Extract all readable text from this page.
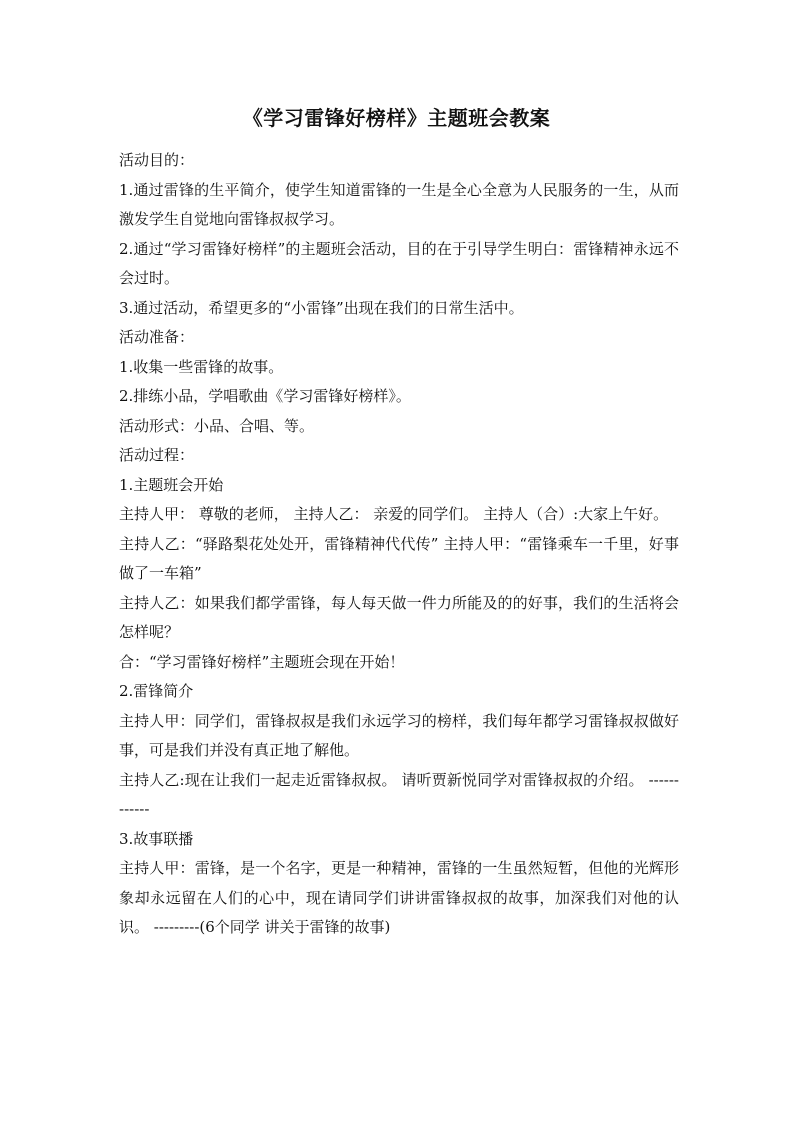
《学习雷锋好榜样》主题班会教案

活动目的：

1.通过雷锋的生平简介，使学生知道雷锋的一生是全心全意为人民服务的一生，从而激发学生自觉地向雷锋叔叔学习。

2.通过“学习雷锋好榜样”的主题班会活动，目的在于引导学生明白：雷锋精神永远不会过时。

3.通过活动，希望更多的“小雷锋”出现在我们的日常生活中。

活动准备：

1.收集一些雷锋的故事。

2.排练小品，学唱歌曲《学习雷锋好榜样》。

活动形式：小品、合唱、等。

活动过程：

1.主题班会开始

主持人甲： 尊敬的老师， 主持人乙： 亲爱的同学们。 主持人（合）:大家上午好。

主持人乙：“驿路梨花处处开，雷锋精神代代传” 主持人甲：“雷锋乘车一千里，好事做了一车箱”

主持人乙：如果我们都学雷锋，每人每天做一件力所能及的的好事，我们的生活将会怎样呢？

合：“学习雷锋好榜样”主题班会现在开始！

2.雷锋简介

主持人甲：同学们，雷锋叔叔是我们永远学习的榜样，我们每年都学习雷锋叔叔做好事，可是我们并没有真正地了解他。

主持人乙:现在让我们一起走近雷锋叔叔。 请听贾新悦同学对雷锋叔叔的介绍。 ------------

3.故事联播

主持人甲：雷锋，是一个名字，更是一种精神，雷锋的一生虽然短暂，但他的光辉形象却永远留在人们的心中，现在请同学们讲讲雷锋叔叔的故事，加深我们对他的认识。 ---------(6个同学 讲关于雷锋的故事)
